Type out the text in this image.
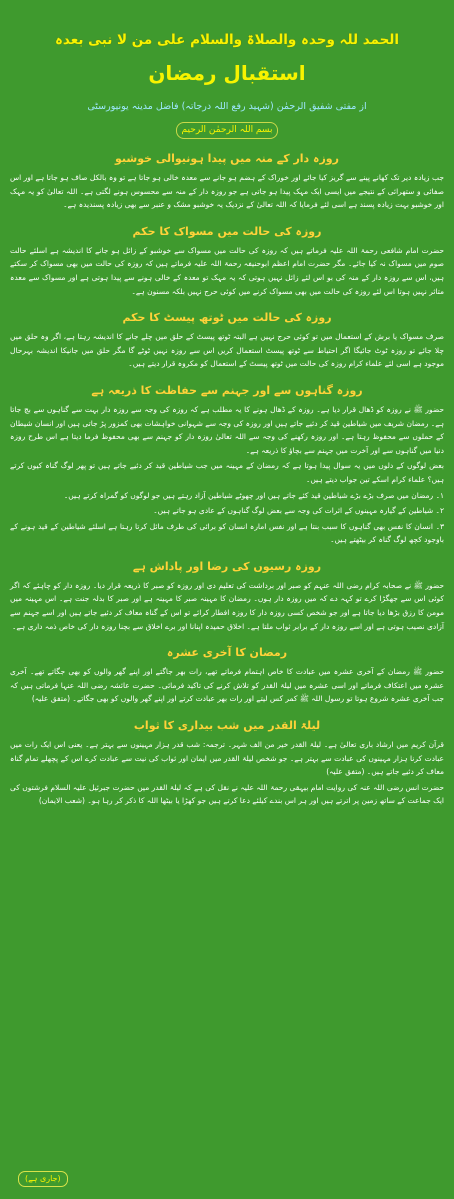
الحمد للہ وحدہ والصلاۃ والسلام علی من لا نبی بعدہ
استقبال رمضان
از مفتی شفیق الرحمٰن (شہید رفع اللہ درجاتہ) فاضل مدینہ یونیورسٹی
بسم اللہ الرحمٰن الرحیم
روزہ دار کے منہ میں پیدا ہونیوالی خوشبو

جب زیادہ دیر تک کھانے پینے سے گریز کیا جائے اور خوراک کے ہضم ہو جانے سے معدہ خالی ہو جاتا ہے تو وہ بالکل صاف ہو جاتا ہے اور اس صفائی و ستھرائی کے نتیجے میں ایسی ایک مہک پیدا ہو جاتی ہے جو روزہ دار کے منہ سے محسوس ہونے لگتی ہے۔ اللہ تعالیٰ کو یہ مہک اور خوشبو بہت زیادہ پسند ہے اسی لئے فرمایا کہ اللہ تعالیٰ کے نزدیک یہ خوشبو مشک و عنبر سے بھی زیادہ پسندیدہ ہے۔

روزہ کی حالت میں مسواک کا حکم

حضرت امام شافعی رحمۃ اللہ علیہ فرماتے ہیں کہ روزہ کی حالت میں مسواک سے خوشبو کے زائل ہو جانے کا اندیشہ ہے اسلئے حالت صوم میں مسواک نہ کیا جائے۔ مگر حضرت امام اعظم ابوحنیفہ رحمۃ اللہ علیہ فرماتے ہیں کہ روزہ کی حالت میں بھی مسواک کر سکتے ہیں، اس سے روزہ دار کے منہ کی بو اس لئے زائل نہیں ہوتی کہ یہ مہک تو معدہ کے خالی ہونے سے پیدا ہوتی ہے اور مسواک سے معدہ متاثر نہیں ہوتا اس لئے روزہ کی حالت میں بھی مسواک کرنے میں کوئی حرج نہیں بلکہ مسنون ہے۔

روزہ کی حالت میں ٹوتھ پیسٹ کا حکم

صرف مسواک یا برش کے استعمال میں تو کوئی حرج نہیں ہے البتہ ٹوتھ پیسٹ کے حلق میں چلے جانے کا اندیشہ رہتا ہے، اگر وہ حلق میں چلا جائے تو روزہ ٹوٹ جائیگا اگر احتیاط سے ٹوتھ پیسٹ استعمال کریں اس سے روزہ نہیں ٹوٹے گا مگر حلق میں جانیکا اندیشہ بہرحال موجود ہے اسی لئے علماء کرام روزہ کی حالت میں ٹوتھ پیسٹ کے استعمال کو مکروہ قرار دیتے ہیں۔

روزہ گناہوں سے اور جہنم سے حفاظت کا ذریعہ ہے

حضور ﷺ نے روزہ کو ڈھال قرار دیا ہے۔ روزہ کے ڈھال ہونے کا یہ مطلب ہے کہ روزہ کی وجہ سے روزہ دار بہت سے گناہوں سے بچ جاتا ہے۔ رمضان شریف میں شیاطین قید کر دئیے جاتے ہیں اور روزہ کی وجہ سے شہوانی خواہشات بھی کمزور پڑ جاتی ہیں اور انسان شیطان کے حملوں سے محفوظ رہتا ہے۔ اور روزہ رکھنے کی وجہ سے اللہ تعالیٰ روزہ دار کو جہنم سے بھی محفوظ فرما دیتا ہے اس طرح روزہ دنیا میں گناہوں سے اور آخرت میں جہنم سے بچاؤ کا ذریعہ ہے۔

بعض لوگوں کے دلوں میں یہ سوال پیدا ہوتا ہے کہ رمضان کے مہینہ میں جب شیاطین قید کر دئیے جاتے ہیں تو پھر لوگ گناہ کیوں کرتے ہیں؟ علماء کرام اسکے تین جواب دیتے ہیں۔

۱۔ رمضان میں صرف بڑے بڑے شیاطین قید کئے جاتے ہیں اور چھوٹے شیاطین آزاد رہتے ہیں جو لوگوں کو گمراہ کرتے ہیں۔

۲۔ شیاطین کے گیارہ مہینوں کے اثرات کی وجہ سے بعض لوگ گناہوں کے عادی ہو جاتے ہیں۔

۳۔ انسان کا نفس بھی گناہوں کا سبب بنتا ہے اور نفس امارہ انسان کو برائی کی طرف مائل کرتا رہتا ہے اسلئے شیاطین کے قید ہونے کے باوجود کچھ لوگ گناہ کر بیٹھتے ہیں۔

روزہ رسیوں کی رضا اور پاداش ہے

حضور ﷺ نے صحابہ کرام رضی اللہ عنہم کو صبر اور برداشت کی تعلیم دی اور روزہ کو صبر کا ذریعہ قرار دیا۔ روزہ دار کو چاہئے کہ اگر کوئی اس سے جھگڑا کرے تو کہہ دے کہ میں روزہ دار ہوں۔ رمضان کا مہینہ صبر کا مہینہ ہے اور صبر کا بدلہ جنت ہے۔ اس مہینہ میں مومن کا رزق بڑھا دیا جاتا ہے اور جو شخص کسی روزہ دار کا روزہ افطار کرائے تو اس کے گناہ معاف کر دئیے جاتے ہیں اور اسے جہنم سے آزادی نصیب ہوتی ہے اور اسے روزہ دار کے برابر ثواب ملتا ہے۔ اخلاق حمیدہ اپنانا اور برے اخلاق سے بچنا روزہ دار کی خاص ذمہ داری ہے۔

رمضان کا آخری عشرہ

حضور ﷺ رمضان کے آخری عشرہ میں عبادت کا خاص اہتمام فرماتے تھے، رات بھر جاگتے اور اپنے گھر والوں کو بھی جگاتے تھے۔ آخری عشرہ میں اعتکاف فرماتے اور اسی عشرہ میں لیلۃ القدر کو تلاش کرنے کی تاکید فرمائی۔ حضرت عائشہ رضی اللہ عنہا فرماتی ہیں کہ جب آخری عشرہ شروع ہوتا تو رسول اللہ ﷺ کمر کس لیتے اور رات بھر عبادت کرتے اور اپنے گھر والوں کو بھی جگاتے۔ (متفق علیہ)

لیلۃ القدر میں شب بیداری کا ثواب

قرآن کریم میں ارشاد باری تعالیٰ ہے۔ لیلۃ القدر خیر من الف شہر۔ ترجمہ: شب قدر ہزار مہینوں سے بہتر ہے۔ یعنی اس ایک رات میں عبادت کرنا ہزار مہینوں کی عبادت سے بہتر ہے۔ جو شخص لیلۃ القدر میں ایمان اور ثواب کی نیت سے عبادت کرے اس کے پچھلے تمام گناہ معاف کر دئیے جاتے ہیں۔ (متفق علیہ)

حضرت انس رضی اللہ عنہ کی روایت امام بیہقی رحمۃ اللہ علیہ نے نقل کی ہے کہ لیلۃ القدر میں حضرت جبرئیل علیہ السلام فرشتوں کی ایک جماعت کے ساتھ زمین پر اترتے ہیں اور ہر اس بندے کیلئے دعا کرتے ہیں جو کھڑا یا بیٹھا اللہ کا ذکر کر رہا ہو۔ (شعب الایمان)

(جاری ہے)
